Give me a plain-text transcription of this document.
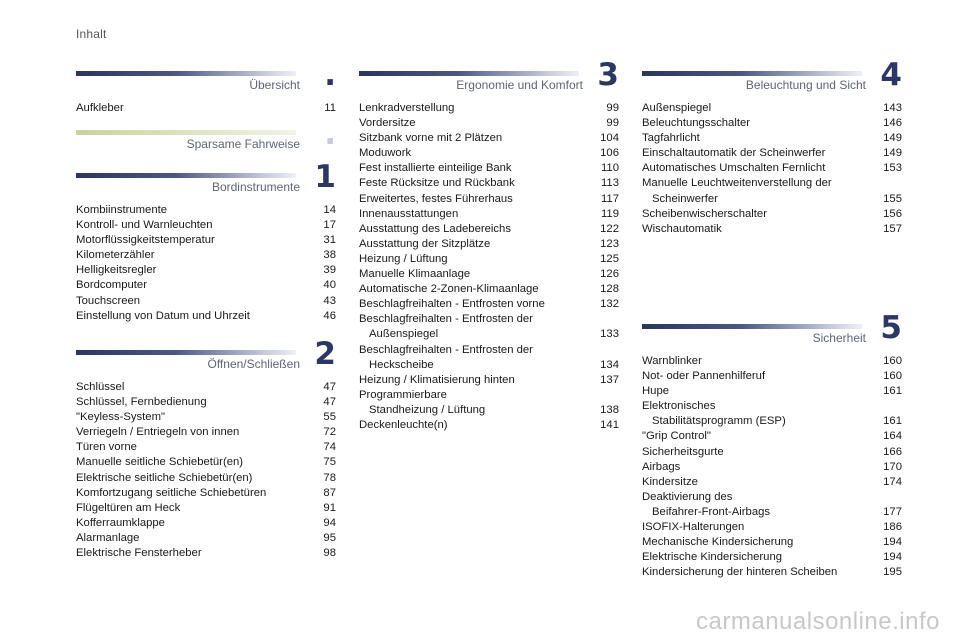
Inhalt
Übersicht .
Aufkleber	11
Sparsame Fahrweise .
Bordinstrumente 1
Kombiinstrumente	14
Kontroll- und Warnleuchten	17
Motorflüssigkeitstemperatur	31
Kilometerzähler	38
Helligkeitsregler	39
Bordcomputer	40
Touchscreen	43
Einstellung von Datum und Uhrzeit	46
Öffnen/Schließen 2
Schlüssel	47
Schlüssel, Fernbedienung	47
"Keyless-System"	55
Verriegeln / Entriegeln von innen	72
Türen vorne	74
Manuelle seitliche Schiebetür(en)	75
Elektrische seitliche Schiebetür(en)	78
Komfortzugang seitliche Schiebetüren	87
Flügeltüren am Heck	91
Kofferraumklappe	94
Alarmanlage	95
Elektrische Fensterheber	98
Ergonomie und Komfort 3
Lenkradverstellung	99
Vordersitze	99
Sitzbank vorne mit 2 Plätzen	104
Moduwork	106
Fest installierte einteilige Bank	110
Feste Rücksitze und Rückbank	113
Erweitertes, festes Führerhaus	117
Innenausstattungen	119
Ausstattung des Ladebereichs	122
Ausstattung der Sitzplätze	123
Heizung / Lüftung	125
Manuelle Klimaanlage	126
Automatische 2-Zonen-Klimaanlage	128
Beschlagfreihalten - Entfrosten vorne	132
Beschlagfreihalten - Entfrosten der
Außenspiegel	133
Beschlagfreihalten - Entfrosten der
Heckscheibe	134
Heizung / Klimatisierung hinten	137
Programmierbare
Standheizung / Lüftung	138
Deckenleuchte(n)	141
Beleuchtung und Sicht 4
Außenspiegel	143
Beleuchtungsschalter	146
Tagfahrlicht	149
Einschaltautomatik der Scheinwerfer	149
Automatisches Umschalten Fernlicht	153
Manuelle Leuchtweitenverstellung der
Scheinwerfer	155
Scheibenwischerschalter	156
Wischautomatik	157
Sicherheit 5
Warnblinker	160
Not- oder Pannenhilferuf	160
Hupe	161
Elektronisches
Stabilitätsprogramm (ESP)	161
"Grip Control"	164
Sicherheitsgurte	166
Airbags	170
Kindersitze	174
Deaktivierung des
Beifahrer-Front-Airbags	177
ISOFIX-Halterungen	186
Mechanische Kindersicherung	194
Elektrische Kindersicherung	194
Kindersicherung der hinteren Scheiben	195
carmanualsonline.info
